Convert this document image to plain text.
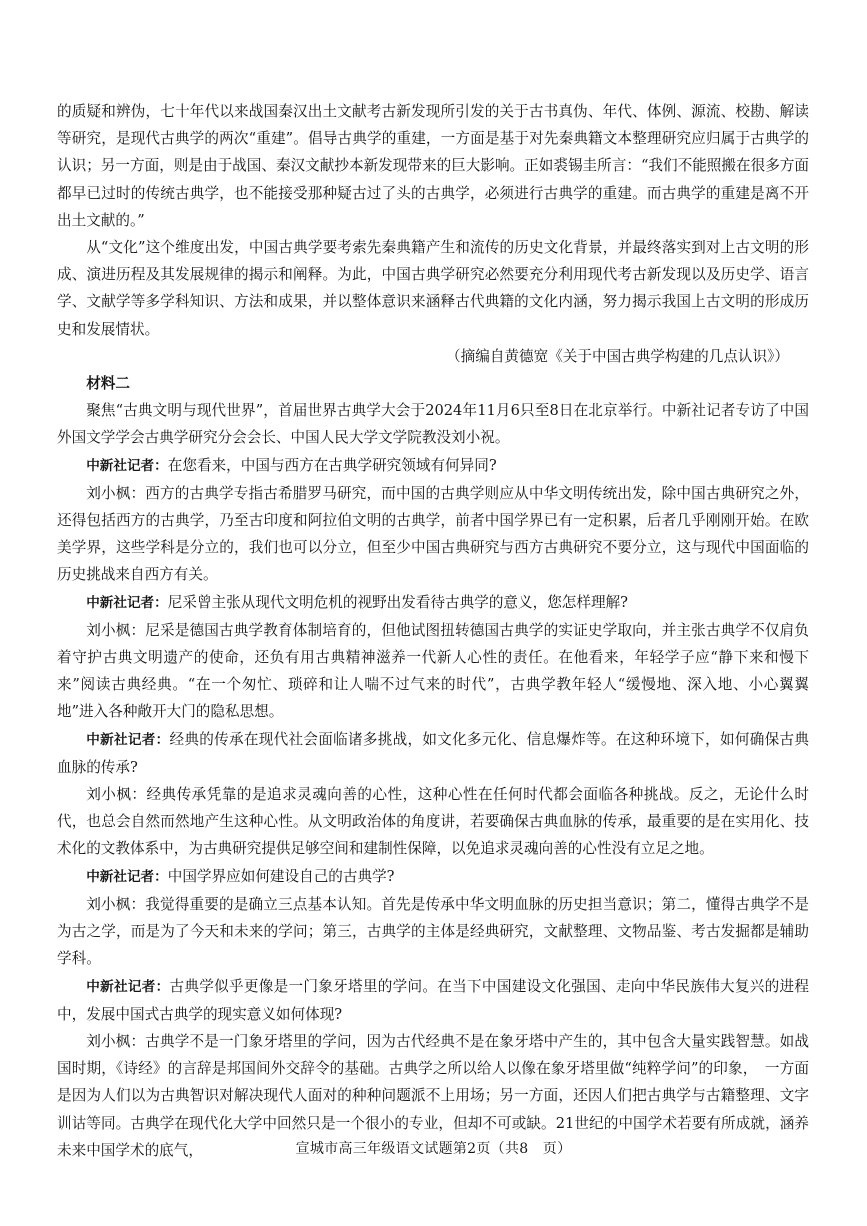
的质疑和辨伪，七十年代以来战国秦汉出土文献考古新发现所引发的关于古书真伪、年代、体例、源流、校勘、解读等研究，是现代古典学的两次“重建”。倡导古典学的重建，一方面是基于对先秦典籍文本整理研究应归属于古典学的认识；另一方面，则是由于战国、秦汉文献抄本新发现带来的巨大影响。正如裘锡圭所言：“我们不能照搬在很多方面都早已过时的传统古典学，也不能接受那种疑古过了头的古典学，必须进行古典学的重建。而古典学的重建是离不开出土文献的。”

从“文化”这个维度出发，中国古典学要考索先秦典籍产生和流传的历史文化背景，并最终落实到对上古文明的形成、演进历程及其发展规律的揭示和阐释。为此，中国古典学研究必然要充分利用现代考古新发现以及历史学、语言学、文献学等多学科知识、方法和成果，并以整体意识来涵释古代典籍的文化内涵，努力揭示我国上古文明的形成历史和发展情状。

（摘编自黄德宽《关于中国古典学构建的几点认识》）

材料二

聚焦“古典文明与现代世界”，首届世界古典学大会于2024年11月6只至8日在北京举行。中新社记者专访了中国外国文学学会古典学研究分会会长、中国人民大学文学院教没刘小祝。

中新社记者：在您看来，中国与西方在古典学研究领域有何异同?

刘小枫：西方的古典学专指古希腊罗马研究，而中国的古典学则应从中华文明传统出发，除中国古典研究之外，还得包括西方的古典学，乃至古印度和阿拉伯文明的古典学，前者中国学界已有一定积累，后者几乎刚刚开始。在欧美学界，这些学科是分立的，我们也可以分立，但至少中国古典研究与西方古典研究不要分立，这与现代中国面临的历史挑战来自西方有关。

中新社记者：尼采曾主张从现代文明危机的视野出发看待古典学的意义，您怎样理解?

刘小枫：尼采是德国古典学教育体制培育的，但他试图扭转德国古典学的实证史学取向，并主张古典学不仅肩负着守护古典文明遗产的使命，还负有用古典精神滋养一代新人心性的责任。在他看来，年轻学子应“静下来和慢下来”阅读古典经典。“在一个匆忙、琐碎和让人喘不过气来的时代”，古典学教年轻人“缓慢地、深入地、小心翼翼地”进入各种敞开大门的隐私思想。

中新社记者：经典的传承在现代社会面临诸多挑战，如文化多元化、信息爆炸等。在这种环境下，如何确保古典血脉的传承?

刘小枫：经典传承凭靠的是追求灵魂向善的心性，这种心性在任何时代都会面临各种挑战。反之，无论什么时代，也总会自然而然地产生这种心性。从文明政治体的角度讲，若要确保古典血脉的传承，最重要的是在实用化、技术化的文教体系中，为古典研究提供足够空间和建制性保障，以免追求灵魂向善的心性没有立足之地。

中新社记者：中国学界应如何建设自己的古典学?

刘小枫：我觉得重要的是确立三点基本认知。首先是传承中华文明血脉的历史担当意识；第二，懂得古典学不是为古之学，而是为了今天和未来的学问；第三，古典学的主体是经典研究，文献整理、文物品鉴、考古发掘都是辅助学科。

中新社记者：古典学似乎更像是一门象牙塔里的学问。在当下中国建设文化强国、走向中华民族伟大复兴的进程中，发展中国式古典学的现实意义如何体现?

刘小枫：古典学不是一门象牙塔里的学问，因为古代经典不是在象牙塔中产生的，其中包含大量实践智慧。如战国时期，《诗经》的言辞是邦国间外交辞令的基础。古典学之所以给人以像在象牙塔里做“纯粹学问”的印象，　一方面是因为人们以为古典智识对解决现代人面对的种种问题派不上用场；另一方面，还因人们把古典学与古籍整理、文字训诂等同。古典学在现代化大学中回然只是一个很小的专业，但却不可或缺。21世纪的中国学术若要有所成就，涵养未来中国学术的底气，	宣城市高三年级语文试题第2页（共8　页）
